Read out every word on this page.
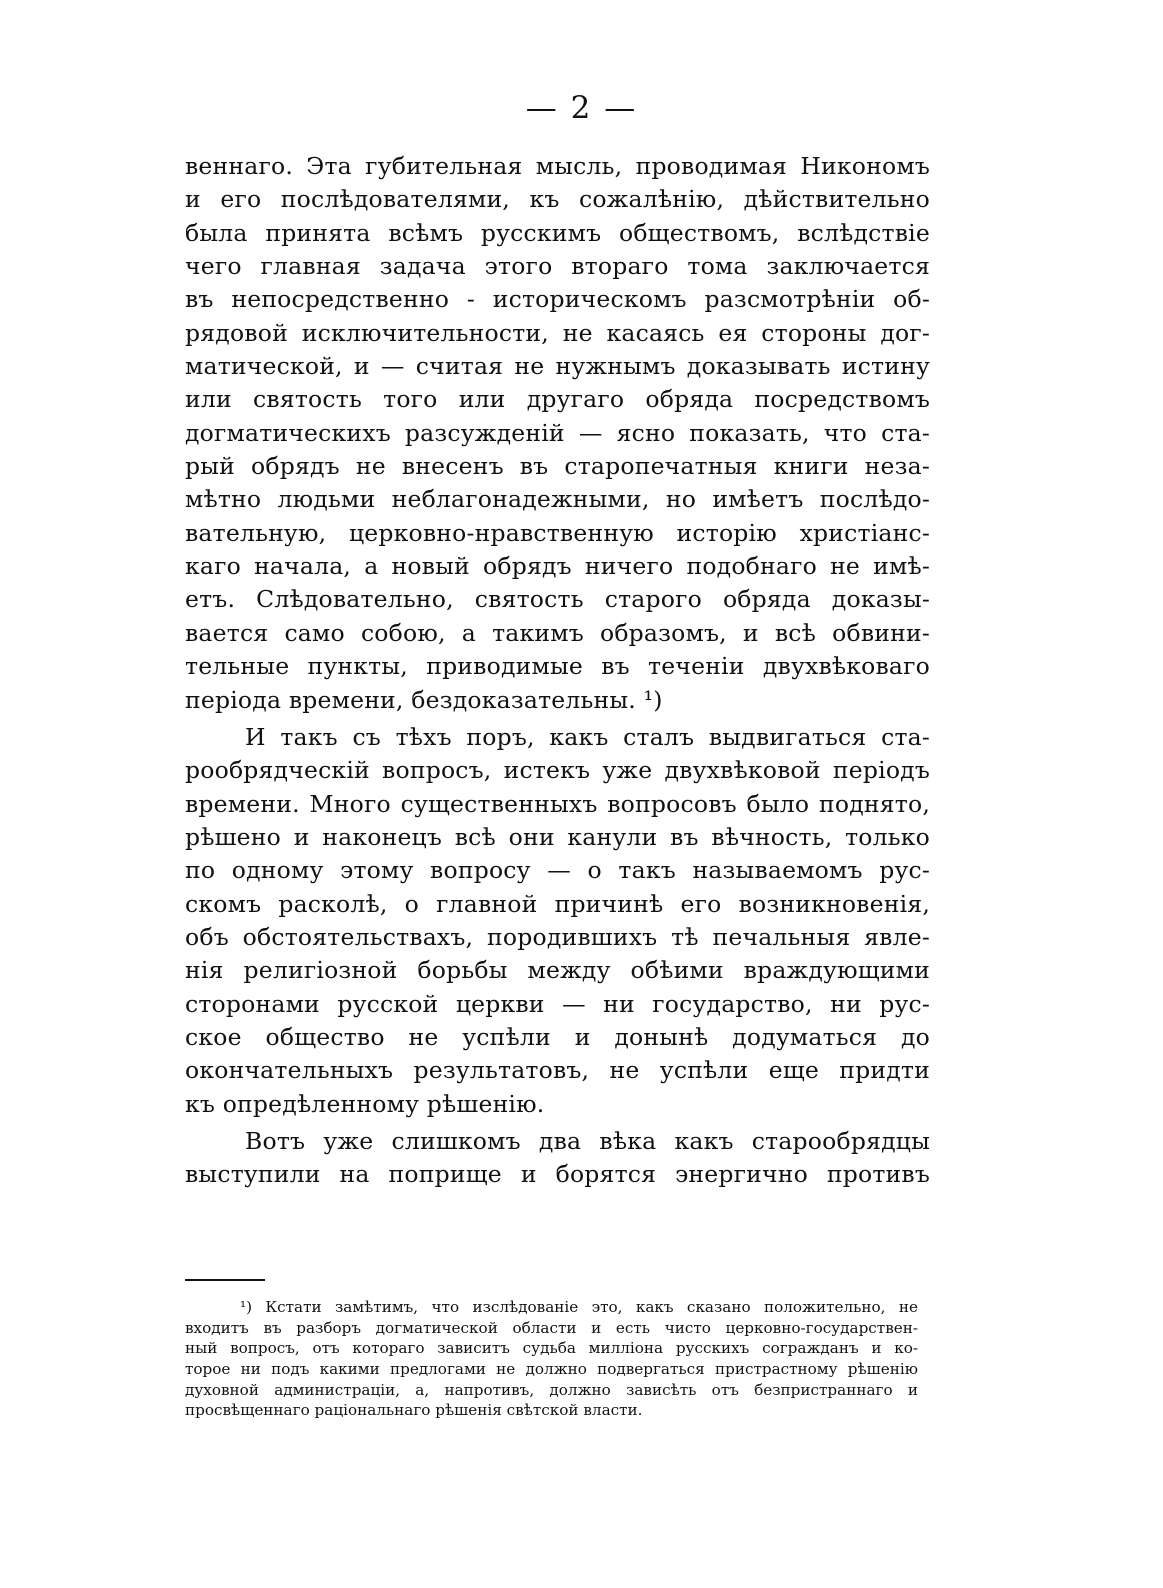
— 2 —
веннаго. Эта губительная мысль, проводимая Никономъ
и его послѣдователями, къ сожалѣнію, дѣйствительно
была принята всѣмъ русскимъ обществомъ, вслѣдствіе
чего главная задача этого втораго тома заключается
въ непосредственно - историческомъ разсмотрѣніи об-
рядовой исключительности, не касаясь ея стороны дог-
матической, и — считая не нужнымъ доказывать истину
или святость того или другаго обряда посредствомъ
догматическихъ разсужденій — ясно показать, что ста-
рый обрядъ не внесенъ въ старопечатныя книги неза-
мѣтно людьми неблагонадежными, но имѣетъ послѣдо-
вательную, церковно-нравственную исторію христіанс-
каго начала, а новый обрядъ ничего подобнаго не имѣ-
етъ. Слѣдовательно, святость старого обряда доказы-
вается само собою, а такимъ образомъ, и всѣ обвини-
тельные пункты, приводимые въ теченіи двухвѣковаго
періода времени, бездоказательны. ¹)
И такъ съ тѣхъ поръ, какъ сталъ выдвигаться ста-
рообрядческій вопросъ, истекъ уже двухвѣковой періодъ
времени. Много существенныхъ вопросовъ было поднято,
рѣшено и наконецъ всѣ они канули въ вѣчность, только
по одному этому вопросу — о такъ называемомъ рус-
скомъ расколѣ, о главной причинѣ его возникновенія,
объ обстоятельствахъ, породившихъ тѣ печальныя явле-
нія религіозной борьбы между обѣими враждующими
сторонами русской церкви — ни государство, ни рус-
ское общество не успѣли и донынѣ додуматься до
окончательныхъ результатовъ, не успѣли еще придти
къ опредѣленному рѣшенію.
Вотъ уже слишкомъ два вѣка какъ старообрядцы
выступили на поприще и борятся энергично противъ
¹) Кстати замѣтимъ, что изслѣдованіе это, какъ сказано положительно, не
входитъ въ разборъ догматической области и есть чисто церковно-государствен-
ный вопросъ, отъ котораго зависитъ судьба милліона русскихъ согражданъ и ко-
торое ни подъ какими предлогами не должно подвергаться пристрастному рѣшенію
духовной администраціи, а, напротивъ, должно зависѣть отъ безпристраннаго и
просвѣщеннаго раціональнаго рѣшенія свѣтской власти.
